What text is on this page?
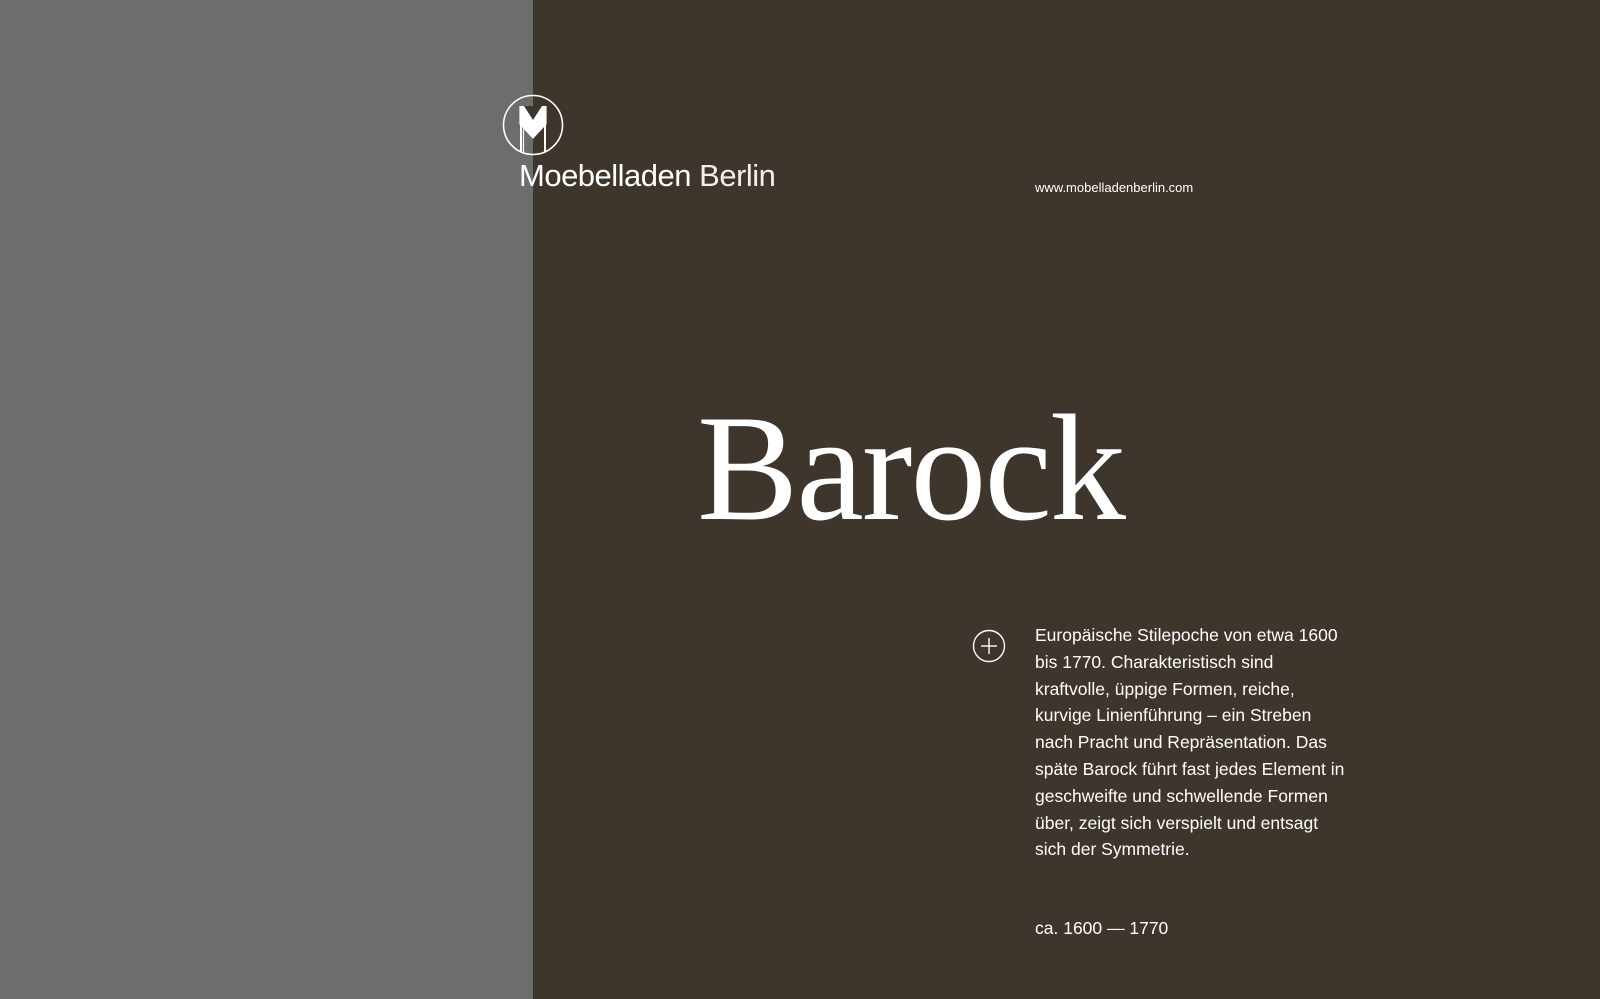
Moebelladen Berlin	www.mobelladenberlin.com
Barock

Europäische Stilepoche von etwa 1600 bis 1770. Charakteristisch sind kraftvolle, üppige Formen, reiche, kurvige Linienführung – ein Streben nach Pracht und Repräsentation. Das späte Barock führt fast jedes Element in geschweifte und schwellende Formen über, zeigt sich verspielt und entsagt sich der Symmetrie.

ca. 1600 — 1770
